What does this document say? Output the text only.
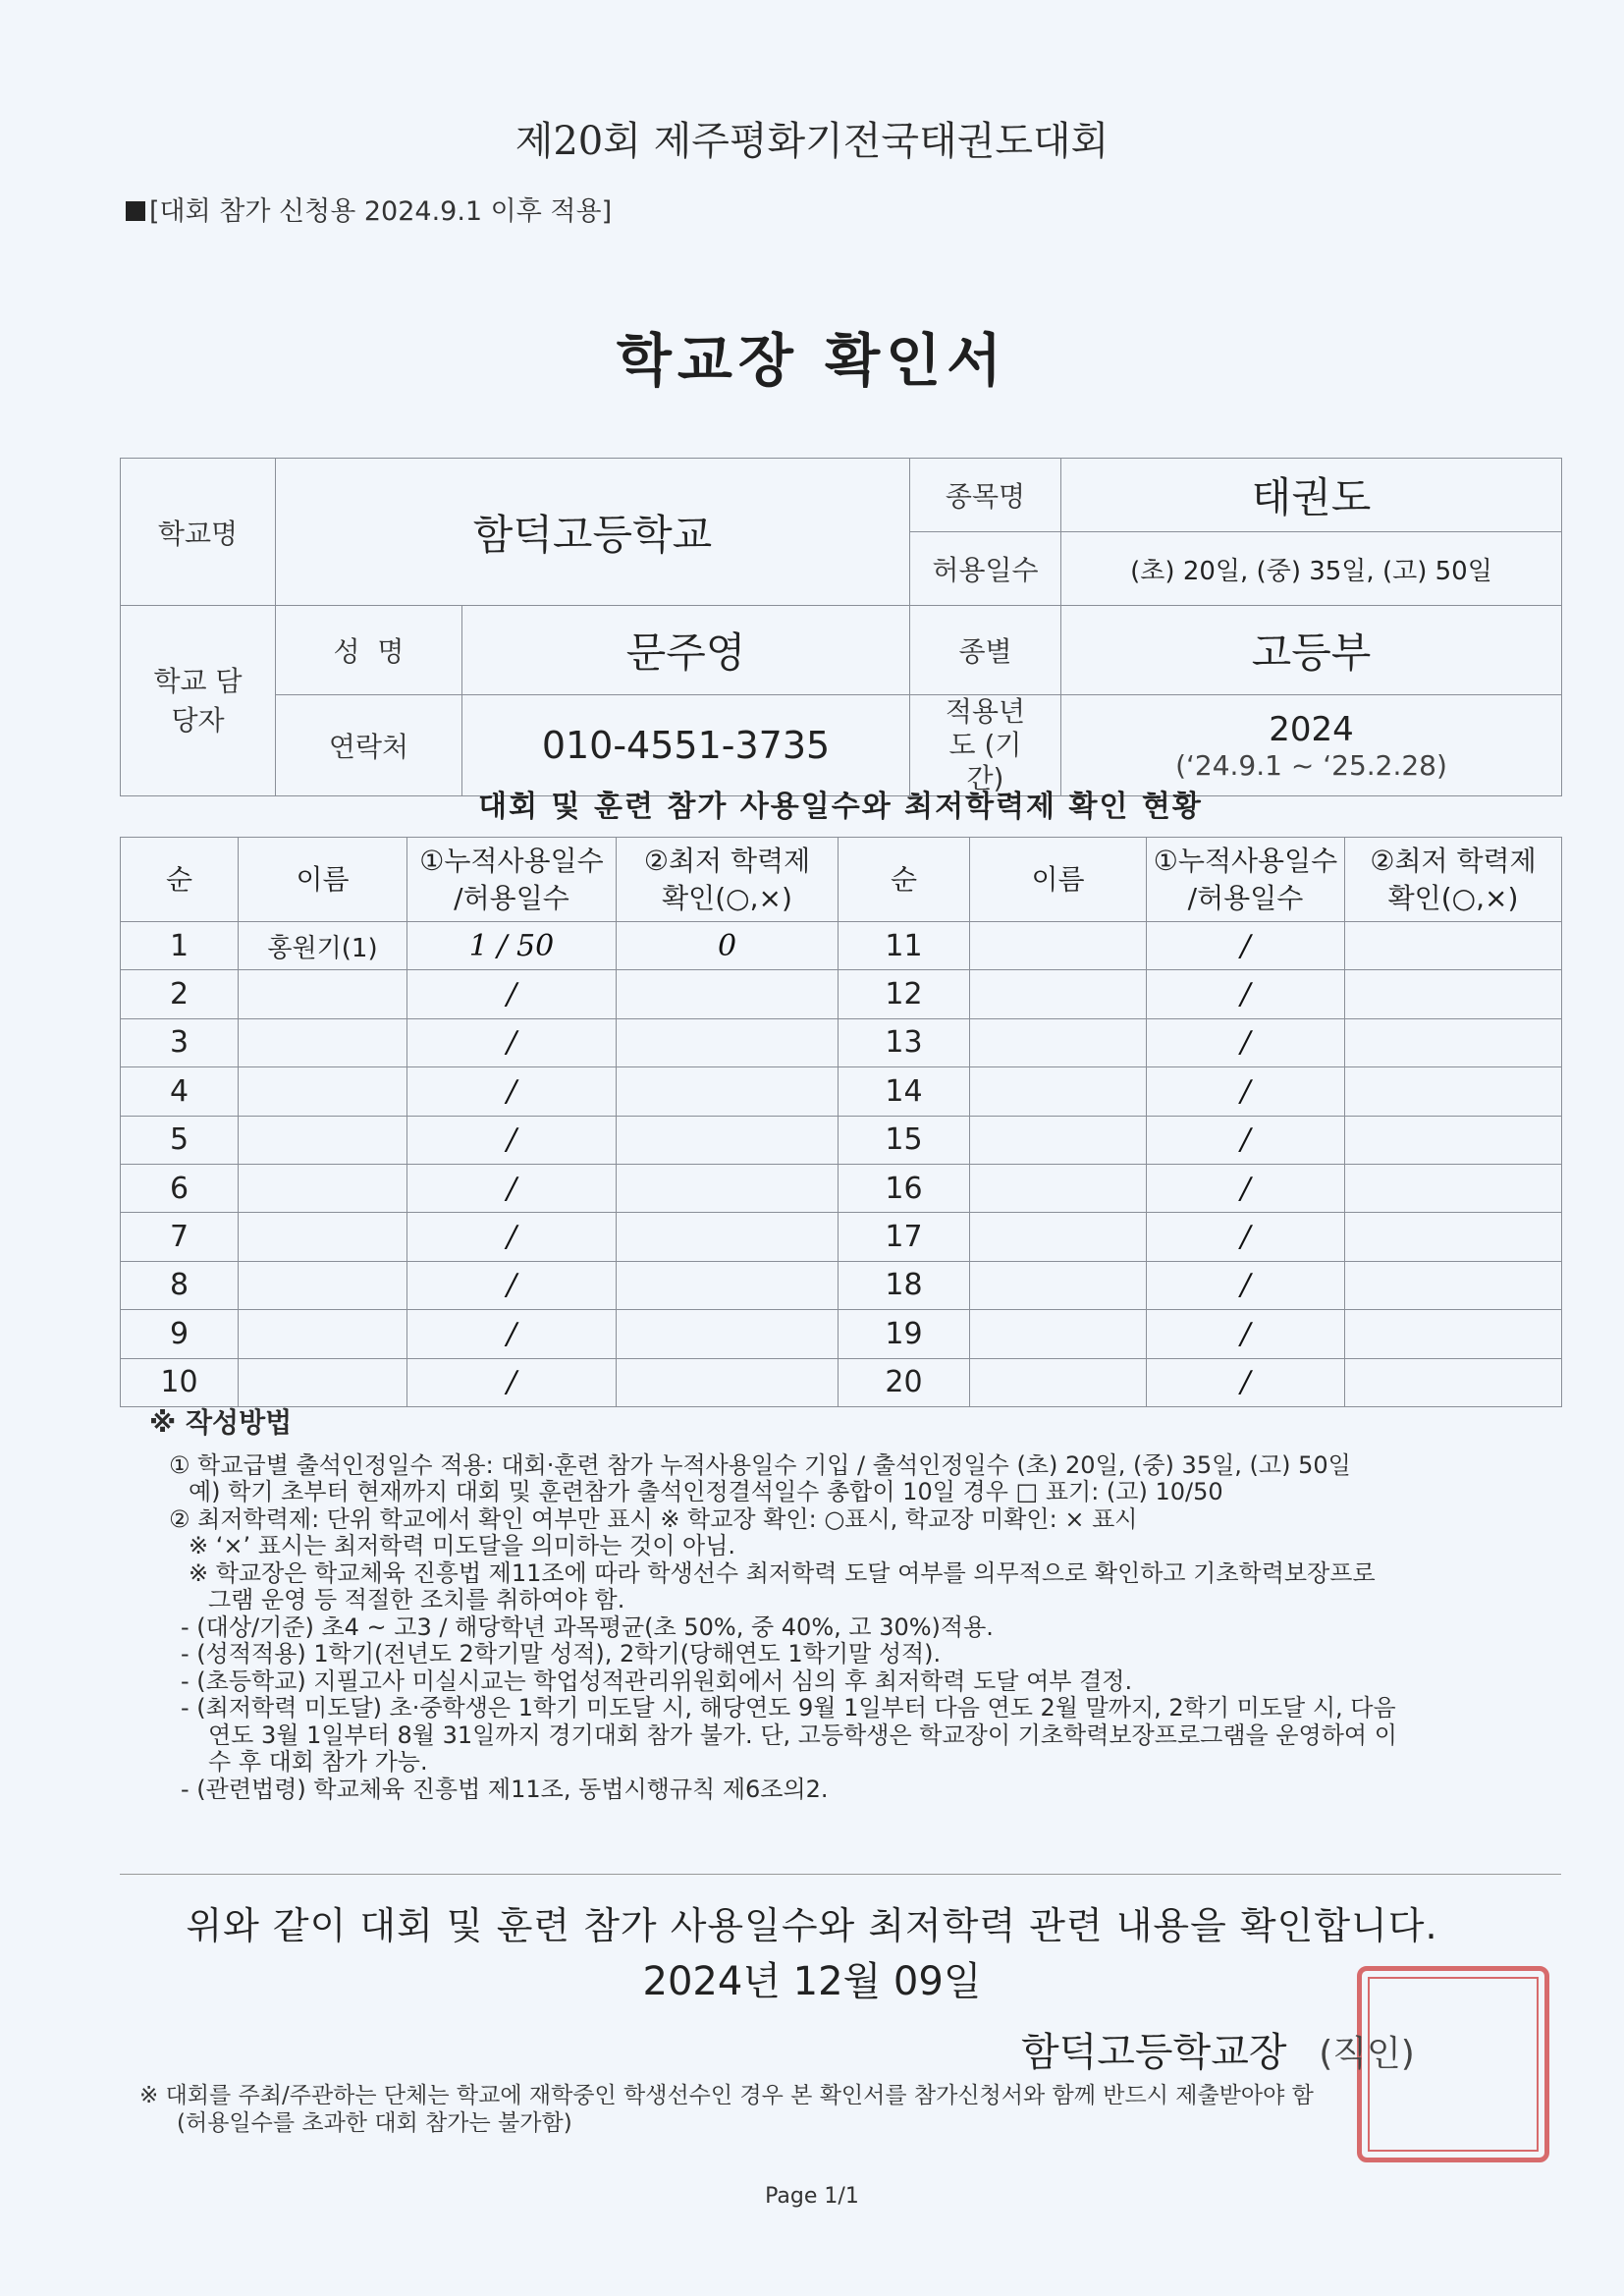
제20회 제주평화기전국태권도대회
[대회 참가 신청용 2024.9.1 이후 적용]
학교장 확인서
학교명	함덕고등학교		종목명	태권도
			허용일수	(초) 20일, (중) 35일, (고) 50일
학교 담당자	성  명	문주영	종별	고등부
	연락처	010-4551-3735	적용년도 (기간)	2024
(‘24.9.1 ~ ‘25.2.28)
대회 및 훈련 참가 사용일수와 최저학력제 확인 현황
순	이름	①누적사용일수 /허용일수	②최저 학력제 확인(○,×)	순	이름	①누적사용일수 /허용일수	②최저 학력제 확인(○,×)
1	홍원기(1)	1 / 50	0	11		/	
2		/		12		/	
3		/		13		/	
4		/		14		/	
5		/		15		/	
6		/		16		/	
7		/		17		/	
8		/		18		/	
9		/		19		/	
10		/		20		/	
※ 작성방법
① 학교급별 출석인정일수 적용: 대회·훈련 참가 누적사용일수 기입 / 출석인정일수 (초) 20일, (중) 35일, (고) 50일
예) 학기 초부터 현재까지 대회 및 훈련참가 출석인정결석일수 총합이 10일 경우 □ 표기: (고) 10/50
② 최저학력제: 단위 학교에서 확인 여부만 표시 ※ 학교장 확인: ○표시, 학교장 미확인: × 표시
※ ‘×’ 표시는 최저학력 미도달을 의미하는 것이 아님.
※ 학교장은 학교체육 진흥법 제11조에 따라 학생선수 최저학력 도달 여부를 의무적으로 확인하고 기초학력보장프로
그램 운영 등 적절한 조치를 취하여야 함.
- (대상/기준) 초4 ~ 고3 / 해당학년 과목평균(초 50%, 중 40%, 고 30%)적용.
- (성적적용) 1학기(전년도 2학기말 성적), 2학기(당해연도 1학기말 성적).
- (초등학교) 지필고사 미실시교는 학업성적관리위원회에서 심의 후 최저학력 도달 여부 결정.
- (최저학력 미도달) 초·중학생은 1학기 미도달 시, 해당연도 9월 1일부터 다음 연도 2월 말까지, 2학기 미도달 시, 다음
연도 3월 1일부터 8월 31일까지 경기대회 참가 불가. 단, 고등학생은 학교장이 기초학력보장프로그램을 운영하여 이
수 후 대회 참가 가능.
- (관련법령) 학교체육 진흥법 제11조, 동법시행규칙 제6조의2.
위와 같이 대회 및 훈련 참가 사용일수와 최저학력 관련 내용을 확인합니다.
2024년 12월 09일
함덕고등학교장 (직인)
※ 대회를 주최/주관하는 단체는 학교에 재학중인 학생선수인 경우 본 확인서를 참가신청서와 함께 반드시 제출받아야 함
(허용일수를 초과한 대회 참가는 불가함)
Page 1/1
